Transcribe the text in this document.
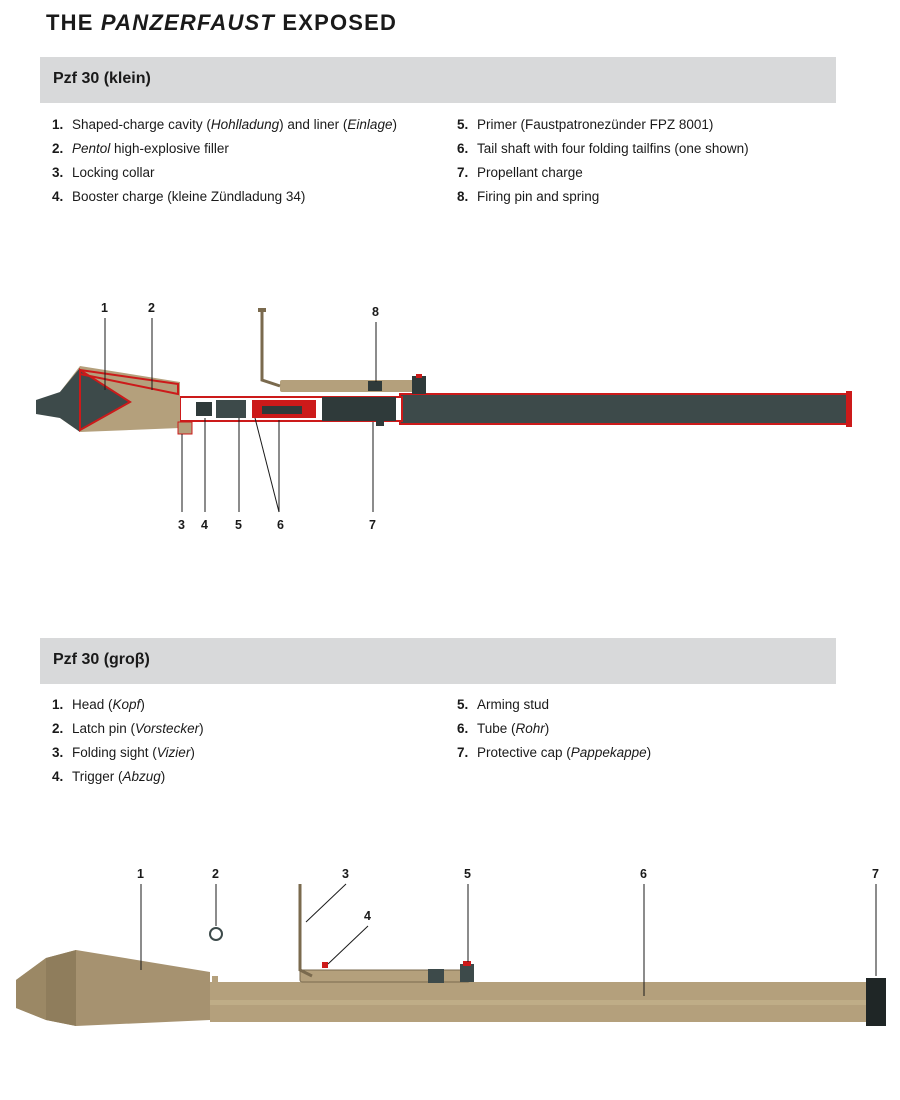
THE PANZERFAUST EXPOSED
Pzf 30 (klein)
1. Shaped-charge cavity (Hohlladung) and liner (Einlage)
2. Pentol high-explosive filler
3. Locking collar
4. Booster charge (kleine Zündladung 34)
5. Primer (Faustpatronezünder FPZ 8001)
6. Tail shaft with four folding tailfins (one shown)
7. Propellant charge
8. Firing pin and spring
1	2
3 4 5	6	7
8
Pzf 30 (groβ)
1. Head (Kopf)
2. Latch pin (Vorstecker)
3. Folding sight (Vizier)
4. Trigger (Abzug)
5. Arming stud
6. Tube (Rohr)
7. Protective cap (Pappekappe)
1	2	3
4
5	6	7
